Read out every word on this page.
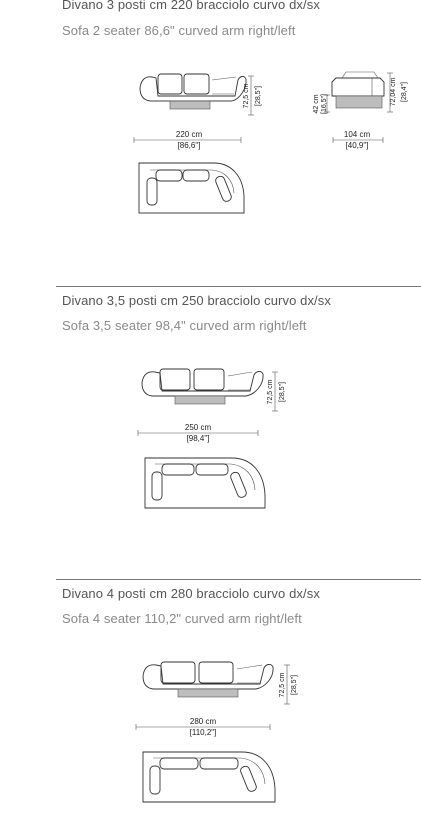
Divano 3 posti cm 220 bracciolo curvo dx/sx
Sofa 2 seater 86,6" curved arm right/left
72,5 cm [28,5"]
220 cm
[86,6"]
42 cm [16,5"]	72,04 cm [28,4"]
104 cm
[40,9"]
Divano 3,5 posti cm 250 bracciolo curvo dx/sx
Sofa 3,5 seater 98,4" curved arm right/left
72,5 cm [28,5"]
250 cm
[98,4"]
Divano 4 posti cm 280 bracciolo curvo dx/sx
Sofa 4 seater 110,2" curved arm right/left
72,5 cm [28,5"]
280 cm
[110,2"]
